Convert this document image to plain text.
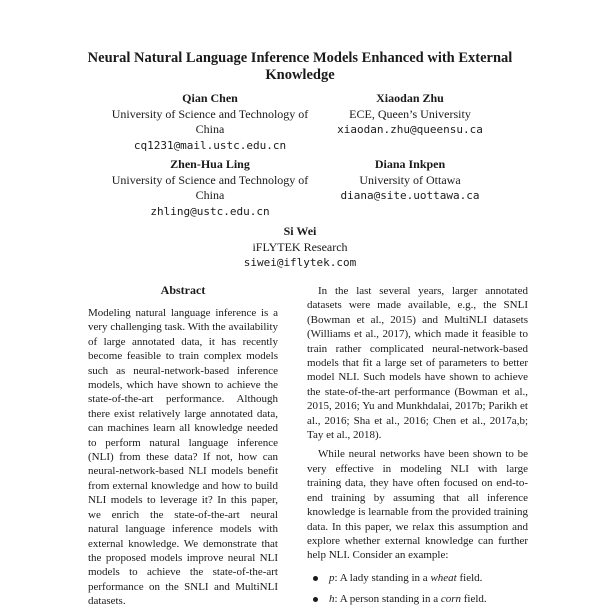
Neural Natural Language Inference Models Enhanced with External Knowledge
Qian Chen
University of Science and Technology of China
cq1231@mail.ustc.edu.cn
Xiaodan Zhu
ECE, Queen’s University
xiaodan.zhu@queensu.ca
Zhen-Hua Ling
University of Science and Technology of China
zhling@ustc.edu.cn
Diana Inkpen
University of Ottawa
diana@site.uottawa.ca
Si Wei
iFLYTEK Research
siwei@iflytek.com
Abstract

Modeling natural language inference is a very challenging task. With the availability of large annotated data, it has recently become feasible to train complex models such as neural-network-based inference models, which have shown to achieve the state-of-the-art performance. Although there exist relatively large annotated data, can machines learn all knowledge needed to perform natural language inference (NLI) from these data? If not, how can neural-network-based NLI models benefit from external knowledge and how to build NLI models to leverage it? In this paper, we enrich the state-of-the-art neural natural language inference models with external knowledge. We demonstrate that the proposed models improve neural NLI models to achieve the state-of-the-art performance on the SNLI and MultiNLI datasets.

In the last several years, larger annotated datasets were made available, e.g., the SNLI (Bowman et al., 2015) and MultiNLI datasets (Williams et al., 2017), which made it feasible to train rather complicated neural-network-based models that fit a large set of parameters to better model NLI. Such models have shown to achieve the state-of-the-art performance (Bowman et al., 2015, 2016; Yu and Munkhdalai, 2017b; Parikh et al., 2016; Sha et al., 2016; Chen et al., 2017a,b; Tay et al., 2018).

While neural networks have been shown to be very effective in modeling NLI with large training data, they have often focused on end-to-end training by assuming that all inference knowledge is learnable from the provided training data. In this paper, we relax this assumption and explore whether external knowledge can further help NLI. Consider an example:

p: A lady standing in a wheat field.
h: A person standing in a corn field.
